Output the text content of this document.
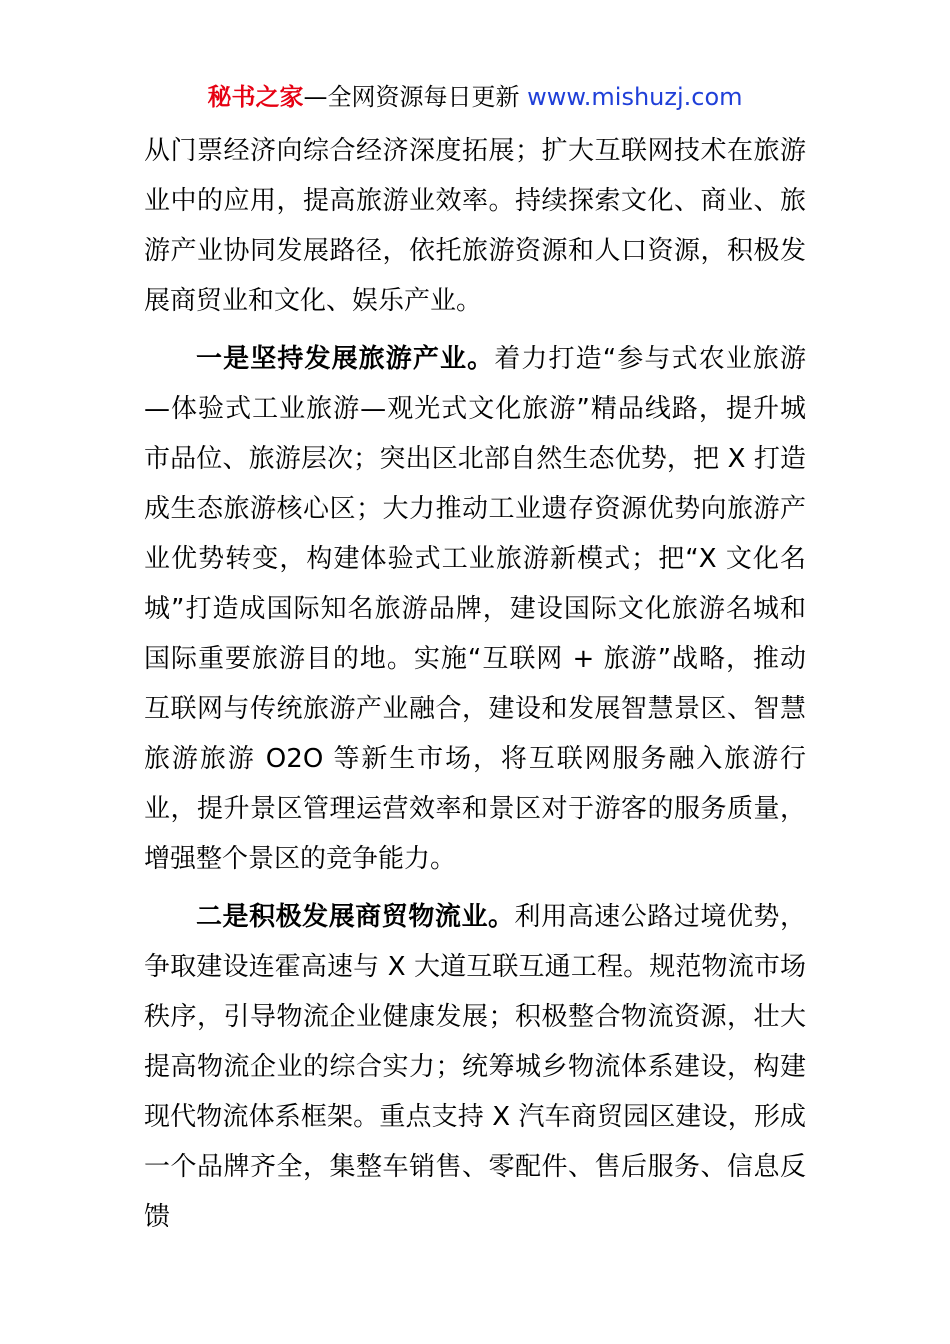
秘书之家—全网资源每日更新 www.mishuzj.com

从门票经济向综合经济深度拓展；扩大互联网技术在旅游业中的应用，提高旅游业效率。持续探索文化、商业、旅游产业协同发展路径，依托旅游资源和人口资源，积极发展商贸业和文化、娱乐产业。

一是坚持发展旅游产业。着力打造“参与式农业旅游—体验式工业旅游—观光式文化旅游”精品线路，提升城市品位、旅游层次；突出区北部自然生态优势，把 X 打造成生态旅游核心区；大力推动工业遗存资源优势向旅游产业优势转变，构建体验式工业旅游新模式；把“X 文化名城”打造成国际知名旅游品牌，建设国际文化旅游名城和国际重要旅游目的地。实施“互联网 + 旅游”战略，推动互联网与传统旅游产业融合，建设和发展智慧景区、智慧旅游旅游 O2O 等新生市场，将互联网服务融入旅游行业，提升景区管理运营效率和景区对于游客的服务质量，增强整个景区的竞争能力。

二是积极发展商贸物流业。利用高速公路过境优势，争取建设连霍高速与 X 大道互联互通工程。规范物流市场秩序，引导物流企业健康发展；积极整合物流资源，壮大提高物流企业的综合实力；统筹城乡物流体系建设，构建现代物流体系框架。重点支持 X 汽车商贸园区建设，形成一个品牌齐全，集整车销售、零配件、售后服务、信息反馈
